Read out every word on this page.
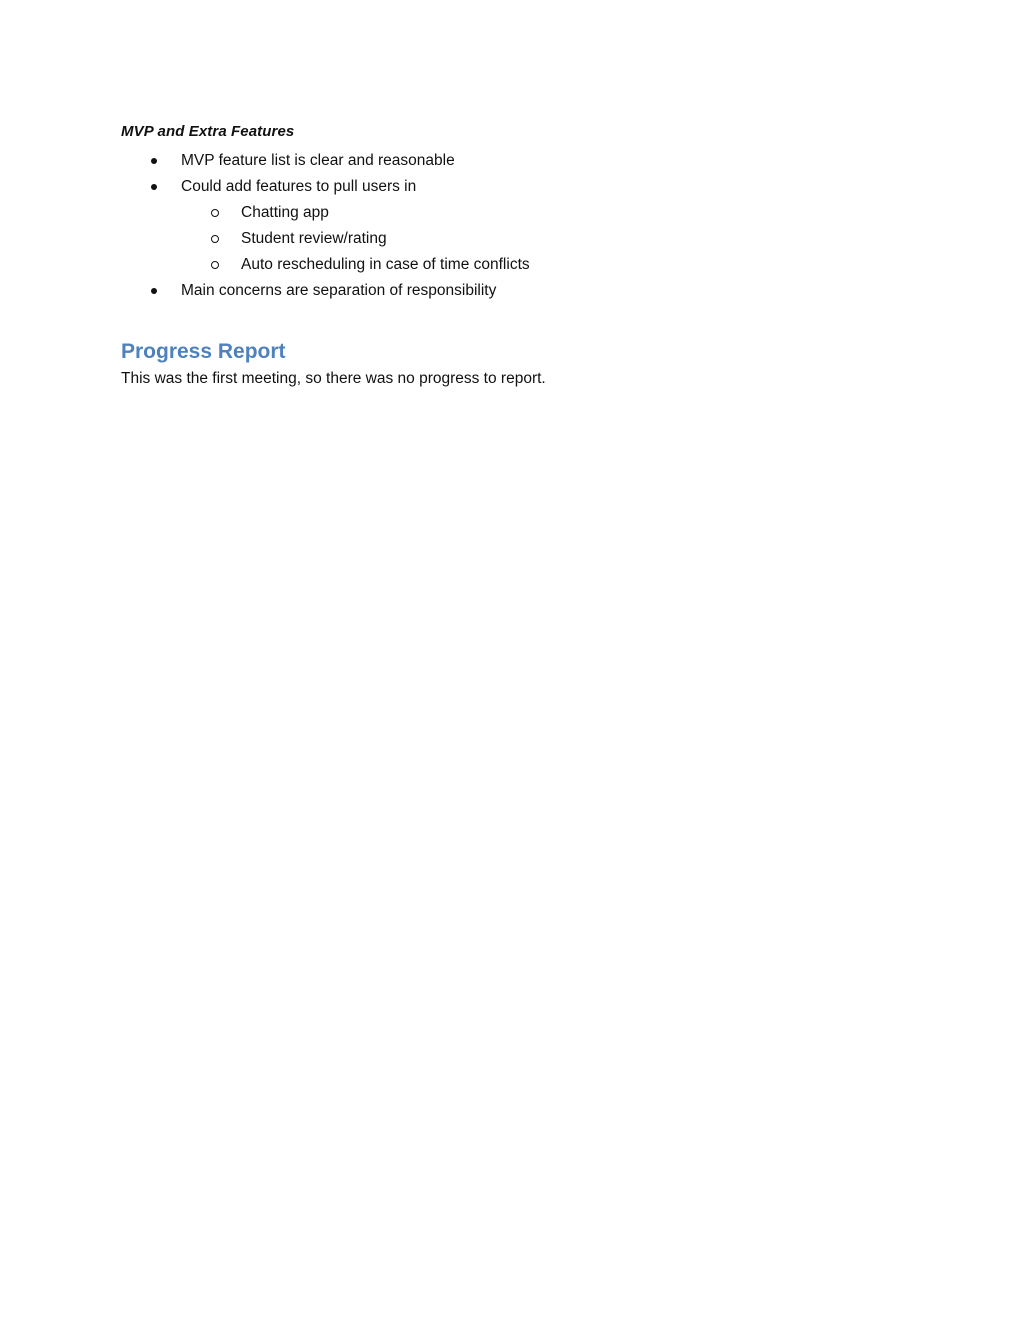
MVP and Extra Features
MVP feature list is clear and reasonable
Could add features to pull users in
Chatting app
Student review/rating
Auto rescheduling in case of time conflicts
Main concerns are separation of responsibility
Progress Report

This was the first meeting, so there was no progress to report.
